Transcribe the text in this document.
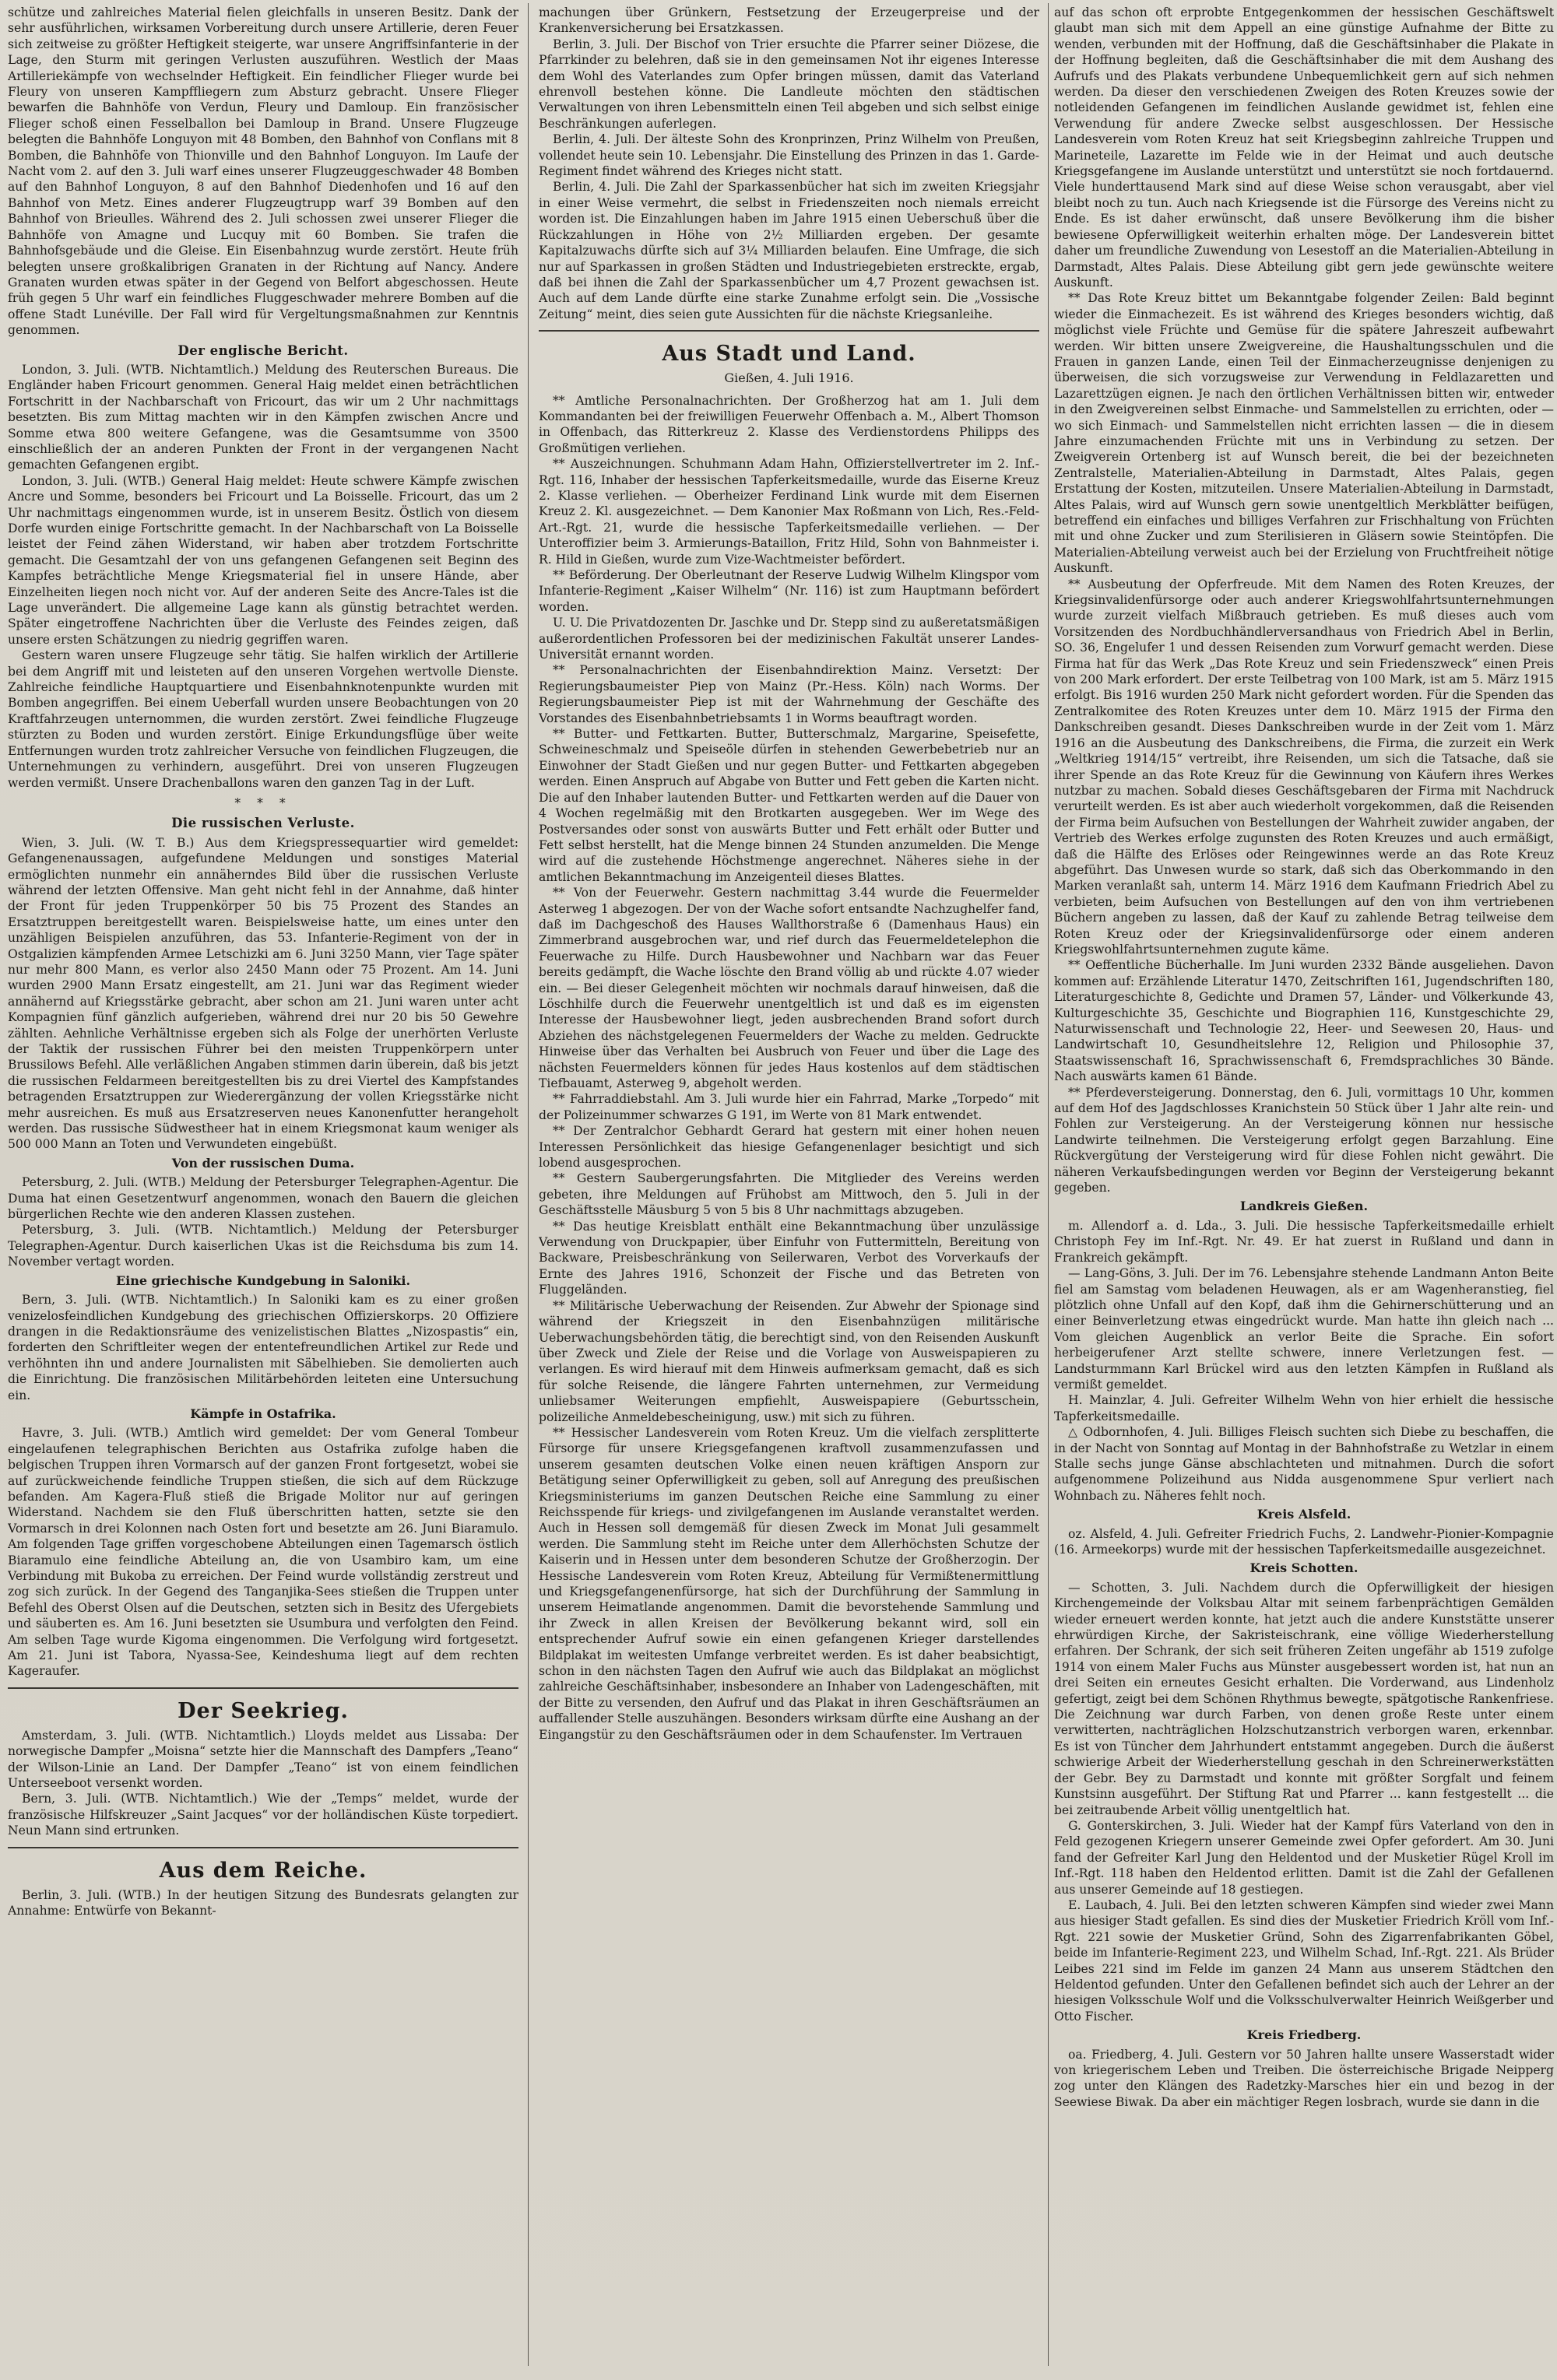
schütze und zahlreiches Material fielen gleichfalls in unseren Besitz. Dank der sehr ausführlichen, wirksamen Vorbereitung durch unsere Artillerie, deren Feuer sich zeitweise zu größter Heftigkeit steigerte, war unsere Angriffsinfanterie in der Lage, den Sturm mit geringen Verlusten auszuführen. Westlich der Maas Artilleriekämpfe von wechselnder Heftigkeit. Ein feindlicher Flieger wurde bei Fleury von unseren Kampffliegern zum Absturz gebracht. Unsere Flieger bewarfen die Bahnhöfe von Verdun, Fleury und Damloup. Ein französischer Flieger schoß einen Fesselballon bei Damloup in Brand. Unsere Flugzeuge belegten die Bahnhöfe Longuyon mit 48 Bomben, den Bahnhof von Conflans mit 8 Bomben, die Bahnhöfe von Thionville und den Bahnhof Longuyon. Im Laufe der Nacht vom 2. auf den 3. Juli warf eines unserer Flugzeuggeschwader 48 Bomben auf den Bahnhof Longuyon, 8 auf den Bahnhof Diedenhofen und 16 auf den Bahnhof von Metz. Eines anderer Flugzeugtrupp warf 39 Bomben auf den Bahnhof von Brieulles. Während des 2. Juli schossen zwei unserer Flieger die Bahnhöfe von Amagne und Lucquy mit 60 Bomben. Sie trafen die Bahnhofsgebäude und die Gleise. Ein Eisenbahnzug wurde zerstört. Heute früh belegten unsere großkalibrigen Granaten in der Richtung auf Nancy. Andere Granaten wurden etwas später in der Gegend von Belfort abgeschossen. Heute früh gegen 5 Uhr warf ein feindliches Fluggeschwader mehrere Bomben auf die offene Stadt Lunéville. Der Fall wird für Vergeltungsmaßnahmen zur Kenntnis genommen.

Der englische Bericht.

London, 3. Juli. (WTB. Nichtamtlich.) Meldung des Reuterschen Bureaus. Die Engländer haben Fricourt genommen. General Haig meldet einen beträchtlichen Fortschritt in der Nachbarschaft von Fricourt, das wir um 2 Uhr nachmittags besetzten. Bis zum Mittag machten wir in den Kämpfen zwischen Ancre und Somme etwa 800 weitere Gefangene, was die Gesamtsumme von 3500 einschließlich der an anderen Punkten der Front in der vergangenen Nacht gemachten Gefangenen ergibt.

London, 3. Juli. (WTB.) General Haig meldet: Heute schwere Kämpfe zwischen Ancre und Somme, besonders bei Fricourt und La Boisselle. Fricourt, das um 2 Uhr nachmittags eingenommen wurde, ist in unserem Besitz. Östlich von diesem Dorfe wurden einige Fortschritte gemacht. In der Nachbarschaft von La Boisselle leistet der Feind zähen Widerstand, wir haben aber trotzdem Fortschritte gemacht. Die Gesamtzahl der von uns gefangenen Gefangenen seit Beginn des Kampfes beträchtliche Menge Kriegsmaterial fiel in unsere Hände, aber Einzelheiten liegen noch nicht vor. Auf der anderen Seite des Ancre-Tales ist die Lage unverändert. Die allgemeine Lage kann als günstig betrachtet werden. Später eingetroffene Nachrichten über die Verluste des Feindes zeigen, daß unsere ersten Schätzungen zu niedrig gegriffen waren.

Gestern waren unsere Flugzeuge sehr tätig. Sie halfen wirklich der Artillerie bei dem Angriff mit und leisteten auf den unseren Vorgehen wertvolle Dienste. Zahlreiche feindliche Hauptquartiere und Eisenbahnknotenpunkte wurden mit Bomben angegriffen. Bei einem Ueberfall wurden unsere Beobachtungen von 20 Kraftfahrzeugen unternommen, die wurden zerstört. Zwei feindliche Flugzeuge stürzten zu Boden und wurden zerstört. Einige Erkundungsflüge über weite Entfernungen wurden trotz zahlreicher Versuche von feindlichen Flugzeugen, die Unternehmungen zu verhindern, ausgeführt. Drei von unseren Flugzeugen werden vermißt. Unsere Drachenballons waren den ganzen Tag in der Luft.

* * *
Die russischen Verluste.

Wien, 3. Juli. (W. T. B.) Aus dem Kriegspressequartier wird gemeldet: Gefangenenaussagen, aufgefundene Meldungen und sonstiges Material ermöglichten nunmehr ein annäherndes Bild über die russischen Verluste während der letzten Offensive. Man geht nicht fehl in der Annahme, daß hinter der Front für jeden Truppenkörper 50 bis 75 Prozent des Standes an Ersatztruppen bereitgestellt waren. Beispielsweise hatte, um eines unter den unzähligen Beispielen anzuführen, das 53. Infanterie-Regiment von der in Ostgalizien kämpfenden Armee Letschizki am 6. Juni 3250 Mann, vier Tage später nur mehr 800 Mann, es verlor also 2450 Mann oder 75 Prozent. Am 14. Juni wurden 2900 Mann Ersatz eingestellt, am 21. Juni war das Regiment wieder annähernd auf Kriegsstärke gebracht, aber schon am 21. Juni waren unter acht Kompagnien fünf gänzlich aufgerieben, während drei nur 20 bis 50 Gewehre zählten. Aehnliche Verhältnisse ergeben sich als Folge der unerhörten Verluste der Taktik der russischen Führer bei den meisten Truppenkörpern unter Brussilows Befehl. Alle verläßlichen Angaben stimmen darin überein, daß bis jetzt die russischen Feldarmeen bereitgestellten bis zu drei Viertel des Kampfstandes betragenden Ersatztruppen zur Wiederergänzung der vollen Kriegsstärke nicht mehr ausreichen. Es muß aus Ersatzreserven neues Kanonenfutter herangeholt werden. Das russische Südwestheer hat in einem Kriegsmonat kaum weniger als 500 000 Mann an Toten und Verwundeten eingebüßt.

Von der russischen Duma.

Petersburg, 2. Juli. (WTB.) Meldung der Petersburger Telegraphen-Agentur. Die Duma hat einen Gesetzentwurf angenommen, wonach den Bauern die gleichen bürgerlichen Rechte wie den anderen Klassen zustehen.

Petersburg, 3. Juli. (WTB. Nichtamtlich.) Meldung der Petersburger Telegraphen-Agentur. Durch kaiserlichen Ukas ist die Reichsduma bis zum 14. November vertagt worden.

Eine griechische Kundgebung in Saloniki.

Bern, 3. Juli. (WTB. Nichtamtlich.) In Saloniki kam es zu einer großen venizelosfeindlichen Kundgebung des griechischen Offizierskorps. 20 Offiziere drangen in die Redaktionsräume des venizelistischen Blattes „Nizospastis“ ein, forderten den Schriftleiter wegen der ententefreundlichen Artikel zur Rede und verhöhnten ihn und andere Journalisten mit Säbelhieben. Sie demolierten auch die Einrichtung. Die französischen Militärbehörden leiteten eine Untersuchung ein.

Kämpfe in Ostafrika.

Havre, 3. Juli. (WTB.) Amtlich wird gemeldet: Der vom General Tombeur eingelaufenen telegraphischen Berichten aus Ostafrika zufolge haben die belgischen Truppen ihren Vormarsch auf der ganzen Front fortgesetzt, wobei sie auf zurückweichende feindliche Truppen stießen, die sich auf dem Rückzuge befanden. Am Kagera-Fluß stieß die Brigade Molitor nur auf geringen Widerstand. Nachdem sie den Fluß überschritten hatten, setzte sie den Vormarsch in drei Kolonnen nach Osten fort und besetzte am 26. Juni Biaramulo. Am folgenden Tage griffen vorgeschobene Abteilungen einen Tagemarsch östlich Biaramulo eine feindliche Abteilung an, die von Usambiro kam, um eine Verbindung mit Bukoba zu erreichen. Der Feind wurde vollständig zerstreut und zog sich zurück. In der Gegend des Tanganjika-Sees stießen die Truppen unter Befehl des Oberst Olsen auf die Deutschen, setzten sich in Besitz des Ufergebiets und säuberten es. Am 16. Juni besetzten sie Usumbura und verfolgten den Feind. Am selben Tage wurde Kigoma eingenommen. Die Verfolgung wird fortgesetzt. Am 21. Juni ist Tabora, Nyassa-See, Keindeshuma liegt auf dem rechten Kageraufer.

Der Seekrieg.

Amsterdam, 3. Juli. (WTB. Nichtamtlich.) Lloyds meldet aus Lissaba: Der norwegische Dampfer „Moisna“ setzte hier die Mannschaft des Dampfers „Teano“ der Wilson-Linie an Land. Der Dampfer „Teano“ ist von einem feindlichen Unterseeboot versenkt worden.

Bern, 3. Juli. (WTB. Nichtamtlich.) Wie der „Temps“ meldet, wurde der französische Hilfskreuzer „Saint Jacques“ vor der holländischen Küste torpediert. Neun Mann sind ertrunken.

Aus dem Reiche.

Berlin, 3. Juli. (WTB.) In der heutigen Sitzung des Bundesrats gelangten zur Annahme: Entwürfe von Bekannt-

machungen über Grünkern, Festsetzung der Erzeugerpreise und der Krankenversicherung bei Ersatzkassen.

Berlin, 3. Juli. Der Bischof von Trier ersuchte die Pfarrer seiner Diözese, die Pfarrkinder zu belehren, daß sie in den gemeinsamen Not ihr eigenes Interesse dem Wohl des Vaterlandes zum Opfer bringen müssen, damit das Vaterland ehrenvoll bestehen könne. Die Landleute möchten den städtischen Verwaltungen von ihren Lebensmitteln einen Teil abgeben und sich selbst einige Beschränkungen auferlegen.

Berlin, 4. Juli. Der älteste Sohn des Kronprinzen, Prinz Wilhelm von Preußen, vollendet heute sein 10. Lebensjahr. Die Einstellung des Prinzen in das 1. Garde-Regiment findet während des Krieges nicht statt.

Berlin, 4. Juli. Die Zahl der Sparkassenbücher hat sich im zweiten Kriegsjahr in einer Weise vermehrt, die selbst in Friedenszeiten noch niemals erreicht worden ist. Die Einzahlungen haben im Jahre 1915 einen Ueberschuß über die Rückzahlungen in Höhe von 2½ Milliarden ergeben. Der gesamte Kapitalzuwachs dürfte sich auf 3¼ Milliarden belaufen. Eine Umfrage, die sich nur auf Sparkassen in großen Städten und Industriegebieten erstreckte, ergab, daß bei ihnen die Zahl der Sparkassenbücher um 4,7 Prozent gewachsen ist. Auch auf dem Lande dürfte eine starke Zunahme erfolgt sein. Die „Vossische Zeitung“ meint, dies seien gute Aussichten für die nächste Kriegsanleihe.

Aus Stadt und Land.
Gießen, 4. Juli 1916.

** Amtliche Personalnachrichten. Der Großherzog hat am 1. Juli dem Kommandanten bei der freiwilligen Feuerwehr Offenbach a. M., Albert Thomson in Offenbach, das Ritterkreuz 2. Klasse des Verdienstordens Philipps des Großmütigen verliehen.

** Auszeichnungen. Schuhmann Adam Hahn, Offizierstellvertreter im 2. Inf.-Rgt. 116, Inhaber der hessischen Tapferkeitsmedaille, wurde das Eiserne Kreuz 2. Klasse verliehen. — Oberheizer Ferdinand Link wurde mit dem Eisernen Kreuz 2. Kl. ausgezeichnet. — Dem Kanonier Max Roßmann von Lich, Res.-Feld-Art.-Rgt. 21, wurde die hessische Tapferkeitsmedaille verliehen. — Der Unteroffizier beim 3. Armierungs-Bataillon, Fritz Hild, Sohn von Bahnmeister i. R. Hild in Gießen, wurde zum Vize-Wachtmeister befördert.

** Beförderung. Der Oberleutnant der Reserve Ludwig Wilhelm Klingspor vom Infanterie-Regiment „Kaiser Wilhelm“ (Nr. 116) ist zum Hauptmann befördert worden.

U. U. Die Privatdozenten Dr. Jaschke und Dr. Stepp sind zu außeretatsmäßigen außerordentlichen Professoren bei der medizinischen Fakultät unserer Landes-Universität ernannt worden.

** Personalnachrichten der Eisenbahndirektion Mainz. Versetzt: Der Regierungsbaumeister Piep von Mainz (Pr.-Hess. Köln) nach Worms. Der Regierungsbaumeister Piep ist mit der Wahrnehmung der Geschäfte des Vorstandes des Eisenbahnbetriebsamts 1 in Worms beauftragt worden.

** Butter- und Fettkarten. Butter, Butterschmalz, Margarine, Speisefette, Schweineschmalz und Speiseöle dürfen in stehenden Gewerbebetrieb nur an Einwohner der Stadt Gießen und nur gegen Butter- und Fettkarten abgegeben werden. Einen Anspruch auf Abgabe von Butter und Fett geben die Karten nicht. Die auf den Inhaber lautenden Butter- und Fettkarten werden auf die Dauer von 4 Wochen regelmäßig mit den Brotkarten ausgegeben. Wer im Wege des Postversandes oder sonst von auswärts Butter und Fett erhält oder Butter und Fett selbst herstellt, hat die Menge binnen 24 Stunden anzumelden. Die Menge wird auf die zustehende Höchstmenge angerechnet. Näheres siehe in der amtlichen Bekanntmachung im Anzeigenteil dieses Blattes.

** Von der Feuerwehr. Gestern nachmittag 3.44 wurde die Feuermelder Asterweg 1 abgezogen. Der von der Wache sofort entsandte Nachzughelfer fand, daß im Dachgeschoß des Hauses Wallthorstraße 6 (Damenhaus Haus) ein Zimmerbrand ausgebrochen war, und rief durch das Feuermeldetelephon die Feuerwache zu Hilfe. Durch Hausbewohner und Nachbarn war das Feuer bereits gedämpft, die Wache löschte den Brand völlig ab und rückte 4.07 wieder ein. — Bei dieser Gelegenheit möchten wir nochmals darauf hinweisen, daß die Löschhilfe durch die Feuerwehr unentgeltlich ist und daß es im eigensten Interesse der Hausbewohner liegt, jeden ausbrechenden Brand sofort durch Abziehen des nächstgelegenen Feuermelders der Wache zu melden. Gedruckte Hinweise über das Verhalten bei Ausbruch von Feuer und über die Lage des nächsten Feuermelders können für jedes Haus kostenlos auf dem städtischen Tiefbauamt, Asterweg 9, abgeholt werden.

** Fahrraddiebstahl. Am 3. Juli wurde hier ein Fahrrad, Marke „Torpedo“ mit der Polizeinummer schwarzes G 191, im Werte von 81 Mark entwendet.

** Der Zentralchor Gebhardt Gerard hat gestern mit einer hohen neuen Interessen Persönlichkeit das hiesige Gefangenenlager besichtigt und sich lobend ausgesprochen.

** Gestern Saubergerungsfahrten. Die Mitglieder des Vereins werden gebeten, ihre Meldungen auf Frühobst am Mittwoch, den 5. Juli in der Geschäftsstelle Mäusburg 5 von 5 bis 8 Uhr nachmittags abzugeben.

** Das heutige Kreisblatt enthält eine Bekanntmachung über unzulässige Verwendung von Druckpapier, über Einfuhr von Futtermitteln, Bereitung von Backware, Preisbeschränkung von Seilerwaren, Verbot des Vorverkaufs der Ernte des Jahres 1916, Schonzeit der Fische und das Betreten von Fluggeländen.

** Militärische Ueberwachung der Reisenden. Zur Abwehr der Spionage sind während der Kriegszeit in den Eisenbahnzügen militärische Ueberwachungsbehörden tätig, die berechtigt sind, von den Reisenden Auskunft über Zweck und Ziele der Reise und die Vorlage von Ausweispapieren zu verlangen. Es wird hierauf mit dem Hinweis aufmerksam gemacht, daß es sich für solche Reisende, die längere Fahrten unternehmen, zur Vermeidung unliebsamer Weiterungen empfiehlt, Ausweispapiere (Geburtsschein, polizeiliche Anmeldebescheinigung, usw.) mit sich zu führen.

** Hessischer Landesverein vom Roten Kreuz. Um die vielfach zersplitterte Fürsorge für unsere Kriegsgefangenen kraftvoll zusammenzufassen und unserem gesamten deutschen Volke einen neuen kräftigen Ansporn zur Betätigung seiner Opferwilligkeit zu geben, soll auf Anregung des preußischen Kriegsministeriums im ganzen Deutschen Reiche eine Sammlung zu einer Reichsspende für kriegs- und zivilgefangenen im Auslande veranstaltet werden. Auch in Hessen soll demgemäß für diesen Zweck im Monat Juli gesammelt werden. Die Sammlung steht im Reiche unter dem Allerhöchsten Schutze der Kaiserin und in Hessen unter dem besonderen Schutze der Großherzogin. Der Hessische Landesverein vom Roten Kreuz, Abteilung für Vermißtenermittlung und Kriegsgefangenenfürsorge, hat sich der Durchführung der Sammlung in unserem Heimatlande angenommen. Damit die bevorstehende Sammlung und ihr Zweck in allen Kreisen der Bevölkerung bekannt wird, soll ein entsprechender Aufruf sowie ein einen gefangenen Krieger darstellendes Bildplakat im weitesten Umfange verbreitet werden. Es ist daher beabsichtigt, schon in den nächsten Tagen den Aufruf wie auch das Bildplakat an möglichst zahlreiche Geschäftsinhaber, insbesondere an Inhaber von Ladengeschäften, mit der Bitte zu versenden, den Aufruf und das Plakat in ihren Geschäftsräumen an auffallender Stelle auszuhängen. Besonders wirksam dürfte eine Aushang an der Eingangstür zu den Geschäftsräumen oder in dem Schaufenster. Im Vertrauen

auf das schon oft erprobte Entgegenkommen der hessischen Geschäftswelt glaubt man sich mit dem Appell an eine günstige Aufnahme der Bitte zu wenden, verbunden mit der Hoffnung, daß die Geschäftsinhaber die Plakate in der Hoffnung begleiten, daß die Geschäftsinhaber die mit dem Aushang des Aufrufs und des Plakats verbundene Unbequemlichkeit gern auf sich nehmen werden. Da dieser den verschiedenen Zweigen des Roten Kreuzes sowie der notleidenden Gefangenen im feindlichen Auslande gewidmet ist, fehlen eine Verwendung für andere Zwecke selbst ausgeschlossen. Der Hessische Landesverein vom Roten Kreuz hat seit Kriegsbeginn zahlreiche Truppen und Marineteile, Lazarette im Felde wie in der Heimat und auch deutsche Kriegsgefangene im Auslande unterstützt und unterstützt sie noch fortdauernd. Viele hunderttausend Mark sind auf diese Weise schon verausgabt, aber viel bleibt noch zu tun. Auch nach Kriegsende ist die Fürsorge des Vereins nicht zu Ende. Es ist daher erwünscht, daß unsere Bevölkerung ihm die bisher bewiesene Opferwilligkeit weiterhin erhalten möge. Der Landesverein bittet daher um freundliche Zuwendung von Lesestoff an die Materialien-Abteilung in Darmstadt, Altes Palais. Diese Abteilung gibt gern jede gewünschte weitere Auskunft.

** Das Rote Kreuz bittet um Bekanntgabe folgender Zeilen: Bald beginnt wieder die Einmachezeit. Es ist während des Krieges besonders wichtig, daß möglichst viele Früchte und Gemüse für die spätere Jahreszeit aufbewahrt werden. Wir bitten unsere Zweigvereine, die Haushaltungsschulen und die Frauen in ganzen Lande, einen Teil der Einmacherzeugnisse denjenigen zu überweisen, die sich vorzugsweise zur Verwendung in Feldlazaretten und Lazarettzügen eignen. Je nach den örtlichen Verhältnissen bitten wir, entweder in den Zweigvereinen selbst Einmache- und Sammelstellen zu errichten, oder — wo sich Einmach- und Sammelstellen nicht errichten lassen — die in diesem Jahre einzumachenden Früchte mit uns in Verbindung zu setzen. Der Zweigverein Ortenberg ist auf Wunsch bereit, die bei der bezeichneten Zentralstelle, Materialien-Abteilung in Darmstadt, Altes Palais, gegen Erstattung der Kosten, mitzuteilen. Unsere Materialien-Abteilung in Darmstadt, Altes Palais, wird auf Wunsch gern sowie unentgeltlich Merkblätter beifügen, betreffend ein einfaches und billiges Verfahren zur Frischhaltung von Früchten mit und ohne Zucker und zum Sterilisieren in Gläsern sowie Steintöpfen. Die Materialien-Abteilung verweist auch bei der Erzielung von Fruchtfreiheit nötige Auskunft.

** Ausbeutung der Opferfreude. Mit dem Namen des Roten Kreuzes, der Kriegsinvalidenfürsorge oder auch anderer Kriegswohlfahrtsunternehmungen wurde zurzeit vielfach Mißbrauch getrieben. Es muß dieses auch vom Vorsitzenden des Nordbuchhändlerversandhaus von Friedrich Abel in Berlin, SO. 36, Engelufer 1 und dessen Reisenden zum Vorwurf gemacht werden. Diese Firma hat für das Werk „Das Rote Kreuz und sein Friedenszweck“ einen Preis von 200 Mark erfordert. Der erste Teilbetrag von 100 Mark, ist am 5. März 1915 erfolgt. Bis 1916 wurden 250 Mark nicht gefordert worden. Für die Spenden das Zentralkomitee des Roten Kreuzes unter dem 10. März 1915 der Firma den Dankschreiben gesandt. Dieses Dankschreiben wurde in der Zeit vom 1. März 1916 an die Ausbeutung des Dankschreibens, die Firma, die zurzeit ein Werk „Weltkrieg 1914/15“ vertreibt, ihre Reisenden, um sich die Tatsache, daß sie ihrer Spende an das Rote Kreuz für die Gewinnung von Käufern ihres Werkes nutzbar zu machen. Sobald dieses Geschäftsgebaren der Firma mit Nachdruck verurteilt werden. Es ist aber auch wiederholt vorgekommen, daß die Reisenden der Firma beim Aufsuchen von Bestellungen der Wahrheit zuwider angaben, der Vertrieb des Werkes erfolge zugunsten des Roten Kreuzes und auch ermäßigt, daß die Hälfte des Erlöses oder Reingewinnes werde an das Rote Kreuz abgeführt. Das Unwesen wurde so stark, daß sich das Oberkommando in den Marken veranlaßt sah, unterm 14. März 1916 dem Kaufmann Friedrich Abel zu verbieten, beim Aufsuchen von Bestellungen auf den von ihm vertriebenen Büchern angeben zu lassen, daß der Kauf zu zahlende Betrag teilweise dem Roten Kreuz oder der Kriegsinvalidenfürsorge oder einem anderen Kriegswohlfahrtsunternehmen zugute käme.

** Oeffentliche Bücherhalle. Im Juni wurden 2332 Bände ausgeliehen. Davon kommen auf: Erzählende Literatur 1470, Zeitschriften 161, Jugendschriften 180, Literaturgeschichte 8, Gedichte und Dramen 57, Länder- und Völkerkunde 43, Kulturgeschichte 35, Geschichte und Biographien 116, Kunstgeschichte 29, Naturwissenschaft und Technologie 22, Heer- und Seewesen 20, Haus- und Landwirtschaft 10, Gesundheitslehre 12, Religion und Philosophie 37, Staatswissenschaft 16, Sprachwissenschaft 6, Fremdsprachliches 30 Bände. Nach auswärts kamen 61 Bände.

** Pferdeversteigerung. Donnerstag, den 6. Juli, vormittags 10 Uhr, kommen auf dem Hof des Jagdschlosses Kranichstein 50 Stück über 1 Jahr alte rein- und Fohlen zur Versteigerung. An der Versteigerung können nur hessische Landwirte teilnehmen. Die Versteigerung erfolgt gegen Barzahlung. Eine Rückvergütung der Versteigerung wird für diese Fohlen nicht gewährt. Die näheren Verkaufsbedingungen werden vor Beginn der Versteigerung bekannt gegeben.

Landkreis Gießen.

m. Allendorf a. d. Lda., 3. Juli. Die hessische Tapferkeitsmedaille erhielt Christoph Fey im Inf.-Rgt. Nr. 49. Er hat zuerst in Rußland und dann in Frankreich gekämpft.

— Lang-Göns, 3. Juli. Der im 76. Lebensjahre stehende Landmann Anton Beite fiel am Samstag vom beladenen Heuwagen, als er am Wagenheranstieg, fiel plötzlich ohne Unfall auf den Kopf, daß ihm die Gehirnerschütterung und an einer Beinverletzung etwas eingedrückt wurde. Man hatte ihn gleich nach ... Vom gleichen Augenblick an verlor Beite die Sprache. Ein sofort herbeigerufener Arzt stellte schwere, innere Verletzungen fest. — Landsturmmann Karl Brückel wird aus den letzten Kämpfen in Rußland als vermißt gemeldet.

H. Mainzlar, 4. Juli. Gefreiter Wilhelm Wehn von hier erhielt die hessische Tapferkeitsmedaille.

△ Odbornhofen, 4. Juli. Billiges Fleisch suchten sich Diebe zu beschaffen, die in der Nacht von Sonntag auf Montag in der Bahnhofstraße zu Wetzlar in einem Stalle sechs junge Gänse abschlachteten und mitnahmen. Durch die sofort aufgenommene Polizeihund aus Nidda ausgenommene Spur verliert nach Wohnbach zu. Näheres fehlt noch.

Kreis Alsfeld.

oz. Alsfeld, 4. Juli. Gefreiter Friedrich Fuchs, 2. Landwehr-Pionier-Kompagnie (16. Armeekorps) wurde mit der hessischen Tapferkeitsmedaille ausgezeichnet.

Kreis Schotten.

— Schotten, 3. Juli. Nachdem durch die Opferwilligkeit der hiesigen Kirchengemeinde der Volksbau Altar mit seinem farbenprächtigen Gemälden wieder erneuert werden konnte, hat jetzt auch die andere Kunststätte unserer ehrwürdigen Kirche, der Sakristeischrank, eine völlige Wiederherstellung erfahren. Der Schrank, der sich seit früheren Zeiten ungefähr ab 1519 zufolge 1914 von einem Maler Fuchs aus Münster ausgebessert worden ist, hat nun an drei Seiten ein erneutes Gesicht erhalten. Die Vorderwand, aus Lindenholz gefertigt, zeigt bei dem Schönen Rhythmus bewegte, spätgotische Rankenfriese. Die Zeichnung war durch Farben, von denen große Reste unter einem verwitterten, nachträglichen Holzschutzanstrich verborgen waren, erkennbar. Es ist von Tüncher dem Jahrhundert entstammt angegeben. Durch die äußerst schwierige Arbeit der Wiederherstellung geschah in den Schreinerwerkstätten der Gebr. Bey zu Darmstadt und konnte mit größter Sorgfalt und feinem Kunstsinn ausgeführt. Der Stiftung Rat und Pfarrer ... kann festgestellt ... die bei zeitraubende Arbeit völlig unentgeltlich hat.

G. Gonterskirchen, 3. Juli. Wieder hat der Kampf fürs Vaterland von den in Feld gezogenen Kriegern unserer Gemeinde zwei Opfer gefordert. Am 30. Juni fand der Gefreiter Karl Jung den Heldentod und der Musketier Rügel Kroll im Inf.-Rgt. 118 haben den Heldentod erlitten. Damit ist die Zahl der Gefallenen aus unserer Gemeinde auf 18 gestiegen.

E. Laubach, 4. Juli. Bei den letzten schweren Kämpfen sind wieder zwei Mann aus hiesiger Stadt gefallen. Es sind dies der Musketier Friedrich Kröll vom Inf.-Rgt. 221 sowie der Musketier Gründ, Sohn des Zigarrenfabrikanten Göbel, beide im Infanterie-Regiment 223, und Wilhelm Schad, Inf.-Rgt. 221. Als Brüder Leibes 221 sind im Felde im ganzen 24 Mann aus unserem Städtchen den Heldentod gefunden. Unter den Gefallenen befindet sich auch der Lehrer an der hiesigen Volksschule Wolf und die Volksschulverwalter Heinrich Weißgerber und Otto Fischer.

Kreis Friedberg.

oa. Friedberg, 4. Juli. Gestern vor 50 Jahren hallte unsere Wasserstadt wider von kriegerischem Leben und Treiben. Die österreichische Brigade Neipperg zog unter den Klängen des Radetzky-Marsches hier ein und bezog in der Seewiese Biwak. Da aber ein mächtiger Regen losbrach, wurde sie dann in die
